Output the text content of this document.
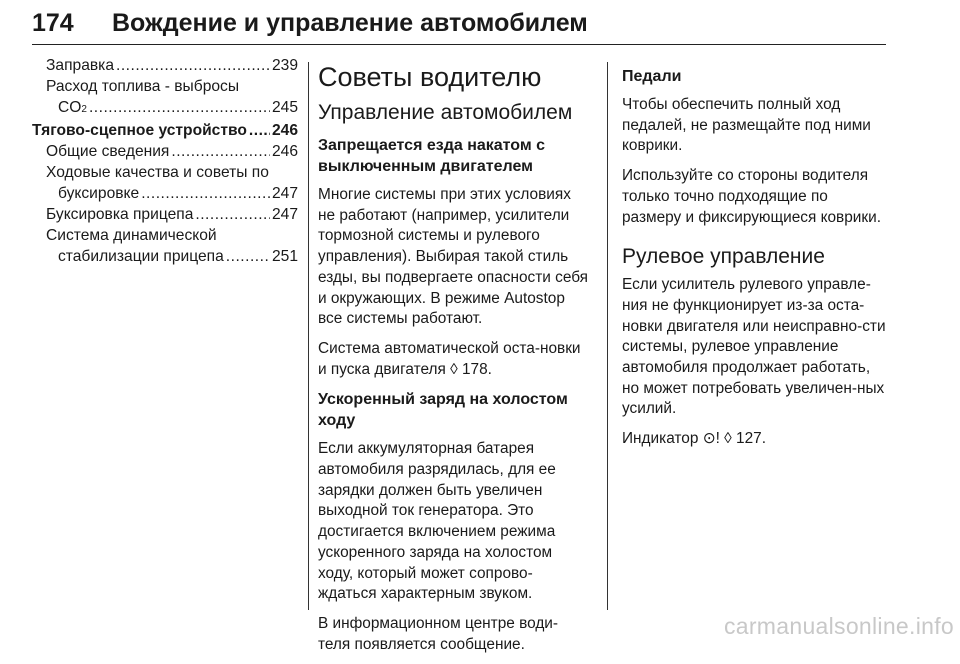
174 Вождение и управление автомобилем
Заправка .....	239
Расход топлива - выбросы
CO 2 .....	245
Тягово-сцепное устройство ..... 246
Общие сведения .....	246
Ходовые качества и советы по
буксировке .....	247
Буксировка прицепа .....	247
Система динамической
стабилизации прицепа .....	251
Советы водителю
Управление автомобилем
Запрещается езда накатом с выключенным двигателем

Многие системы при этих условиях не работают (например, усилители тормозной системы и рулевого управления). Выбирая такой стиль езды, вы подвергаете опасности себя и окружающих. В режиме Autostop все системы работают.

Система автоматической оста-новки и пуска двигателя ◊ 178.

Ускоренный заряд на холостом ходу

Если аккумуляторная батарея автомобиля разрядилась, для ее зарядки должен быть увеличен выходной ток генератора. Это достигается включением режима ускоренного заряда на холостом ходу, который может сопрово-ждаться характерным звуком.

В информационном центре води-теля появляется сообщение.

Педали

Чтобы обеспечить полный ход педалей, не размещайте под ними коврики.

Используйте со стороны водителя только точно подходящие по размеру и фиксирующиеся коврики.

Рулевое управление

Если усилитель рулевого управле-ния не функционирует из-за оста-новки двигателя или неисправно-сти системы, рулевое управление автомобиля продолжает работать, но может потребовать увеличен-ных усилий.

Индикатор ⊙! ◊ 127.

carmanualsonline.info
